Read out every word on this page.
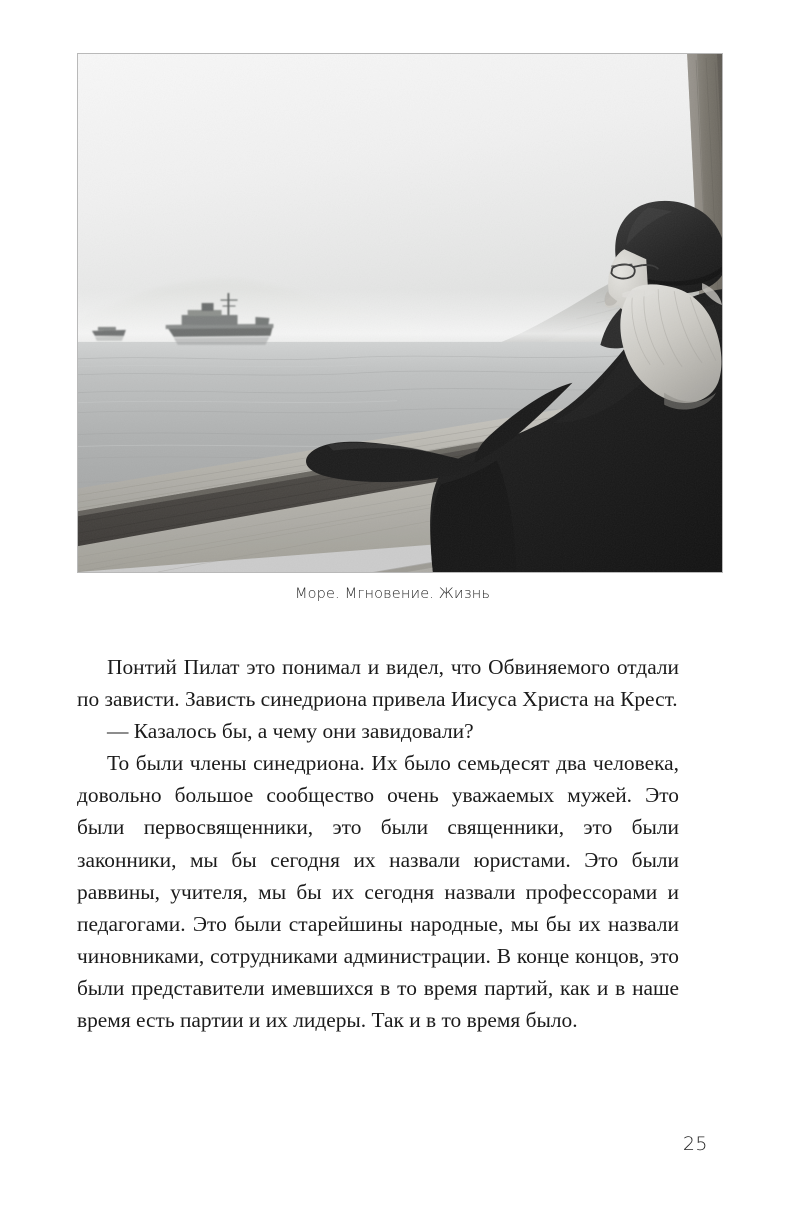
Море. Мгновение. Жизнь

Понтий Пилат это понимал и видел, что Обвиняемого отдали по зависти. Зависть синедриона привела Иисуса Христа на Крест.

— Казалось бы, а чему они завидовали?

То были члены синедриона. Их было семьдесят два человека, довольно большое сообщество очень уважаемых мужей. Это были первосвященники, это были священники, это были законники, мы бы сегодня их назвали юристами. Это были раввины, учителя, мы бы их сегодня назвали профессорами и педагогами. Это были старейшины народные, мы бы их назвали чиновниками, сотрудниками администрации. В конце концов, это были представители имевшихся в то время партий, как и в наше время есть партии и их лидеры. Так и в то время было.

25
